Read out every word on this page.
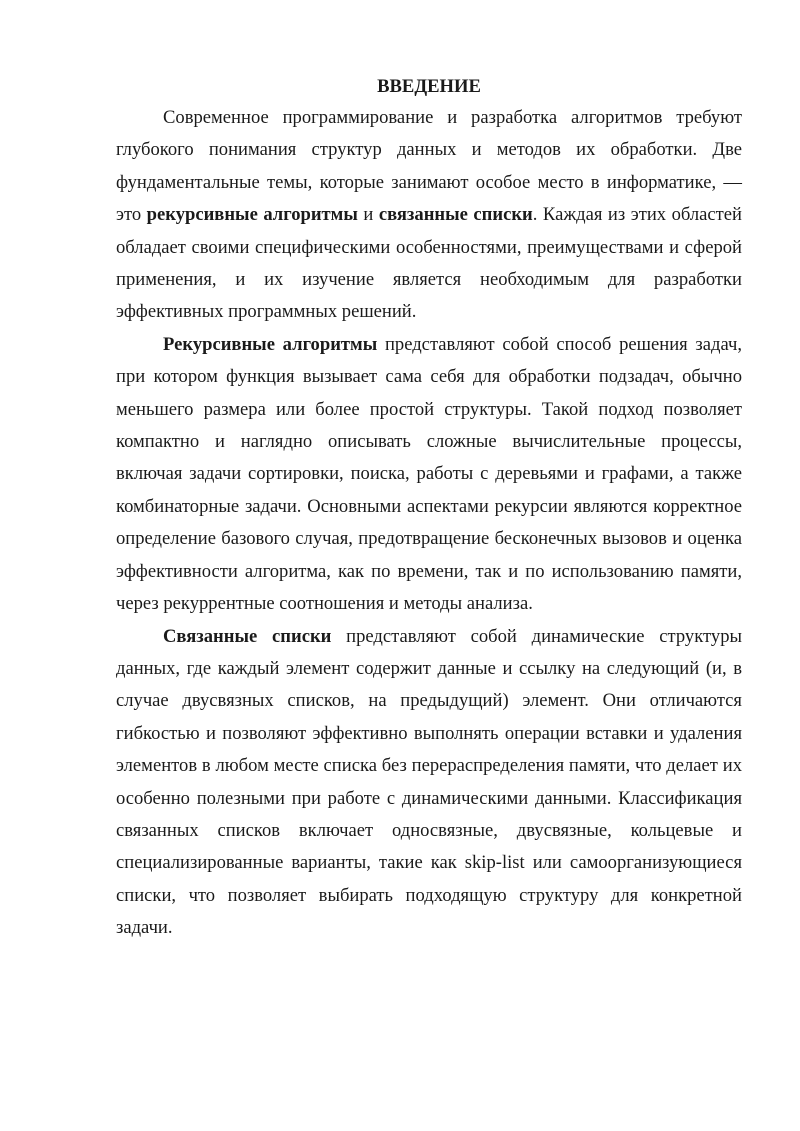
ВВЕДЕНИЕ

Современное программирование и разработка алгоритмов требуют глубокого понимания структур данных и методов их обработки. Две фундаментальные темы, которые занимают особое место в информатике, — это рекурсивные алгоритмы и связанные списки. Каждая из этих областей обладает своими специфическими особенностями, преимуществами и сферой применения, и их изучение является необходимым для разработки эффективных программных решений.

Рекурсивные алгоритмы представляют собой способ решения задач, при котором функция вызывает сама себя для обработки подзадач, обычно меньшего размера или более простой структуры. Такой подход позволяет компактно и наглядно описывать сложные вычислительные процессы, включая задачи сортировки, поиска, работы с деревьями и графами, а также комбинаторные задачи. Основными аспектами рекурсии являются корректное определение базового случая, предотвращение бесконечных вызовов и оценка эффективности алгоритма, как по времени, так и по использованию памяти, через рекуррентные соотношения и методы анализа.

Связанные списки представляют собой динамические структуры данных, где каждый элемент содержит данные и ссылку на следующий (и, в случае двусвязных списков, на предыдущий) элемент. Они отличаются гибкостью и позволяют эффективно выполнять операции вставки и удаления элементов в любом месте списка без перераспределения памяти, что делает их особенно полезными при работе с динамическими данными. Классификация связанных списков включает односвязные, двусвязные, кольцевые и специализированные варианты, такие как skip-list или самоорганизующиеся списки, что позволяет выбирать подходящую структуру для конкретной задачи.
